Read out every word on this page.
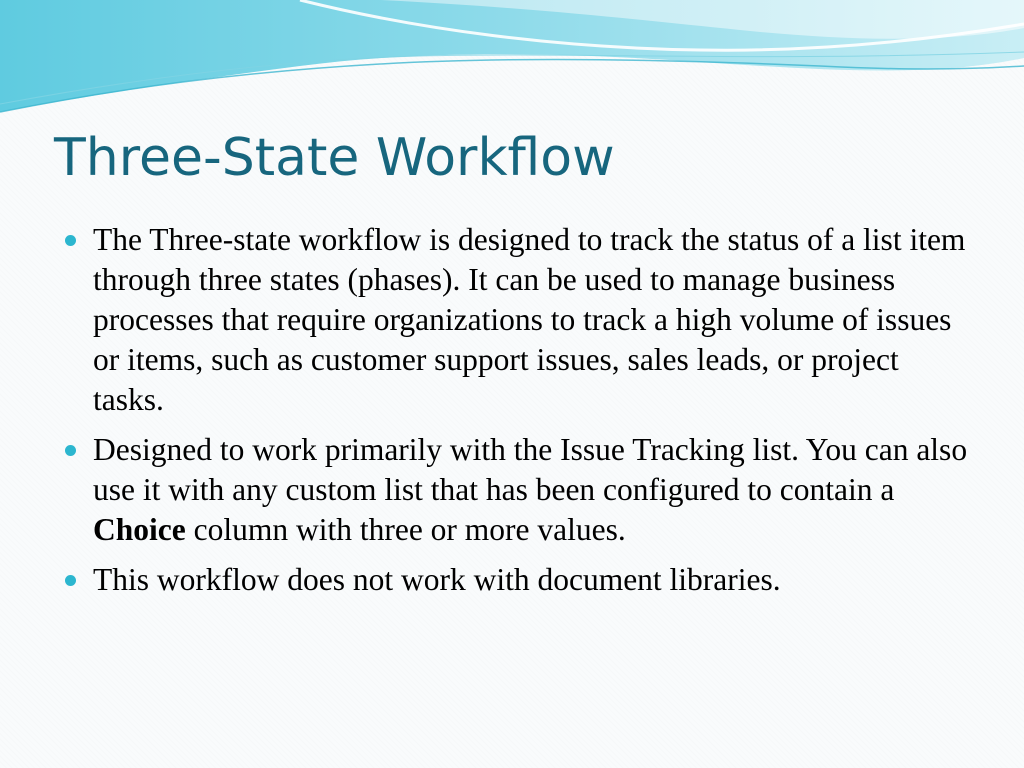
Three-State Workflow
The Three-state workflow is designed to track the status of a list item through three states (phases). It can be used to manage business processes that require organizations to track a high volume of issues or items, such as customer support issues, sales leads, or project tasks.
Designed to work primarily with the Issue Tracking list. You can also use it with any custom list that has been configured to contain a Choice column with three or more values.
This workflow does not work with document libraries.
